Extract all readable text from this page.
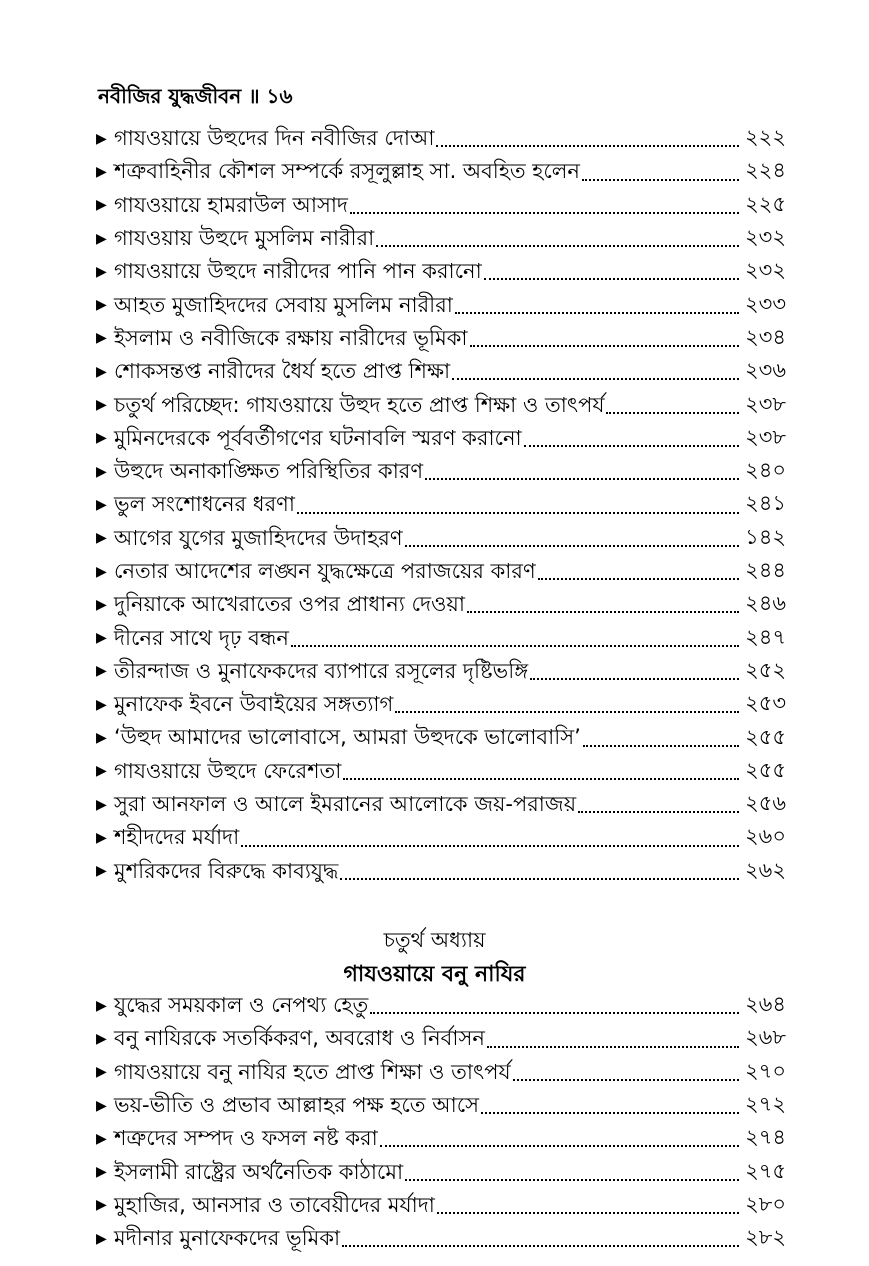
নবীজির যুদ্ধজীবন ॥ ১৬
▶ গাযওয়ায়ে উহুদের দিন নবীজির দোআ	২২২
▶ শত্রুবাহিনীর কৌশল সম্পর্কে রসূলুল্লাহ সা. অবহিত হলেন	২২৪
▶ গাযওয়ায়ে হামরাউল আসাদ	২২৫
▶ গাযওয়ায় উহুদে মুসলিম নারীরা	২৩২
▶ গাযওয়ায়ে উহুদে নারীদের পানি পান করানো	২৩২
▶ আহত মুজাহিদদের সেবায় মুসলিম নারীরা	২৩৩
▶ ইসলাম ও নবীজিকে রক্ষায় নারীদের ভূমিকা	২৩৪
▶ শোকসন্তপ্ত নারীদের ধৈর্য হতে প্রাপ্ত শিক্ষা	২৩৬
▶ চতুর্থ পরিচ্ছেদ: গাযওয়ায়ে উহুদ হতে প্রাপ্ত শিক্ষা ও তাৎপর্য	২৩৮
▶ মুমিনদেরকে পূর্ববর্তীগণের ঘটনাবলি স্মরণ করানো	২৩৮
▶ উহুদে অনাকাঙ্ক্ষিত পরিস্থিতির কারণ	২৪০
▶ ভুল সংশোধনের ধরণা	২৪১
▶ আগের যুগের মুজাহিদদের উদাহরণ	১৪২
▶ নেতার আদেশের লঙ্ঘন যুদ্ধক্ষেত্রে পরাজয়ের কারণ	২৪৪
▶ দুনিয়াকে আখেরাতের ওপর প্রাধান্য দেওয়া	২৪৬
▶ দীনের সাথে দৃঢ় বন্ধন	২৪৭
▶ তীরন্দাজ ও মুনাফেকদের ব্যাপারে রসূলের দৃষ্টিভঙ্গি	২৫২
▶ মুনাফেক ইবনে উবাইয়ের সঙ্গত্যাগ	২৫৩
▶ ‘উহুদ আমাদের ভালোবাসে, আমরা উহুদকে ভালোবাসি’	২৫৫
▶ গাযওয়ায়ে উহুদে ফেরেশতা	২৫৫
▶ সুরা আনফাল ও আলে ইমরানের আলোকে জয়-পরাজয়	২৫৬
▶ শহীদদের মর্যাদা	২৬০
▶ মুশরিকদের বিরুদ্ধে কাব্যযুদ্ধ	২৬২
চতুর্থ অধ্যায়
গাযওয়ায়ে বনু নাযির
▶ যুদ্ধের সময়কাল ও নেপথ্য হেতু	২৬৪
▶ বনু নাযিরকে সতর্কিকরণ, অবরোধ ও নির্বাসন	২৬৮
▶ গাযওয়ায়ে বনু নাযির হতে প্রাপ্ত শিক্ষা ও তাৎপর্য	২৭০
▶ ভয়-ভীতি ও প্রভাব আল্লাহর পক্ষ হতে আসে	২৭২
▶ শত্রুদের সম্পদ ও ফসল নষ্ট করা	২৭৪
▶ ইসলামী রাষ্ট্রের অর্থনৈতিক কাঠামো	২৭৫
▶ মুহাজির, আনসার ও তাবেয়ীদের মর্যাদা	২৮০
▶ মদীনার মুনাফেকদের ভূমিকা	২৮২
